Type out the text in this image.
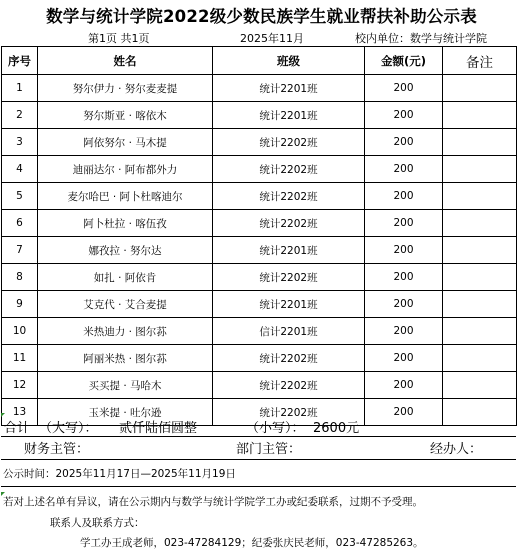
数学与统计学院2022级少数民族学生就业帮扶补助公示表
第1页 共1页	2025年11月	校内单位：数学与统计学院
序号	姓名	班级	金额(元)	备注
1	努尔伊力 · 努尔麦麦提	统计2201班	200	
2	努尔斯亚 · 喀依木	统计2201班	200	
3	阿依努尔 · 马木提	统计2202班	200	
4	迪丽达尔 · 阿布都外力	统计2202班	200	
5	麦尔哈巴 · 阿卜杜喀迪尔	统计2202班	200	
6	阿卜杜拉 · 喀伍孜	统计2202班	200	
7	娜孜拉 · 努尔达	统计2201班	200	
8	如扎 · 阿依肯	统计2202班	200	
9	艾克代 · 艾合麦提	统计2201班	200	
10	米热迪力 · 图尔荪	信计2201班	200	
11	阿丽米热 · 图尔荪	统计2202班	200	
12	买买提 · 马哈木	统计2202班	200	
13	玉米提 · 吐尔逊	统计2202班	200	
合计 （大写）： 贰仟陆佰圆整	（小写）： 2600元
财务主管：	部门主管：	经办人：
公示时间：2025年11月17日—2025年11月19日
若对上述名单有异议，请在公示期内与数学与统计学院学工办或纪委联系，过期不予受理。
联系人及联系方式：
学工办王成老师，023-47284129；纪委张庆民老师，023-47285263。
